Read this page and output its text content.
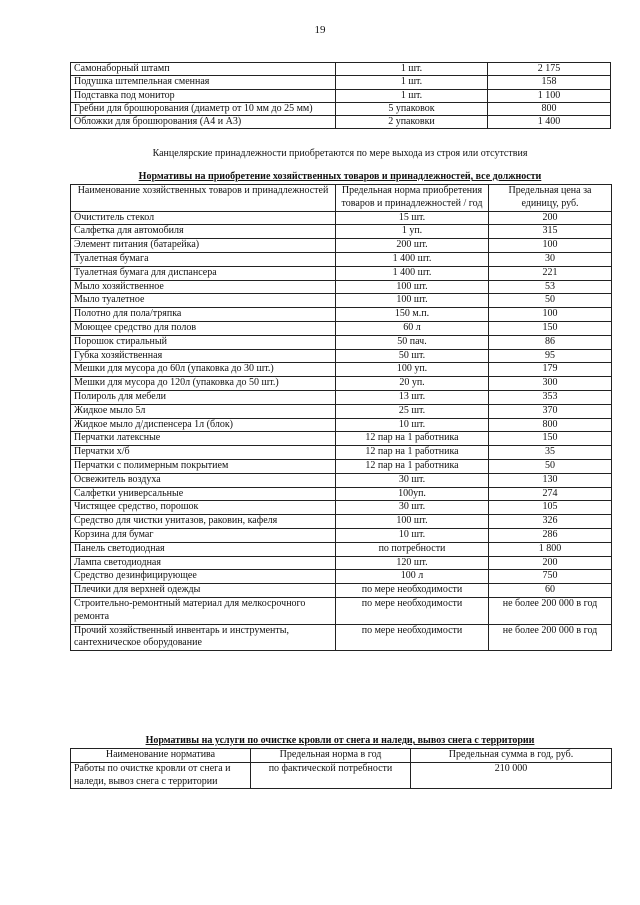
19
Самонаборный штамп	1 шт.	2 175
Подушка штемпельная сменная	1 шт.	158
Подставка под монитор	1 шт.	1 100
Гребни для брошюрования (диаметр от 10 мм до 25 мм)	5 упаковок	800
Обложки для брошюрования (А4 и А3)	2 упаковки	1 400
Канцелярские принадлежности приобретаются по мере выхода из строя или отсутствия
Нормативы на приобретение хозяйственных товаров и принадлежностей, все должности
Наименование хозяйственных товаров и принадлежностей	Предельная норма приобретения товаров и принадлежностей / год	Предельная цена за единицу, руб.
Очиститель стекол	15 шт.	200
Салфетка для автомобиля	1 уп.	315
Элемент питания (батарейка)	200 шт.	100
Туалетная бумага	1 400 шт.	30
Туалетная бумага для диспансера	1 400 шт.	221
Мыло хозяйственное	100 шт.	53
Мыло туалетное	100 шт.	50
Полотно для пола/тряпка	150 м.п.	100
Моющее средство для полов	60 л	150
Порошок стиральный	50 пач.	86
Губка хозяйственная	50 шт.	95
Мешки для мусора до 60л (упаковка до 30 шт.)	100 уп.	179
Мешки для мусора до 120л (упаковка до 50 шт.)	20 уп.	300
Полироль для мебели	13 шт.	353
Жидкое мыло 5л	25 шт.	370
Жидкое мыло д/диспенсера 1л (блок)	10 шт.	800
Перчатки латексные	12 пар на 1 работника	150
Перчатки х/б	12 пар на 1 работника	35
Перчатки с полимерным покрытием	12 пар на 1 работника	50
Освежитель воздуха	30 шт.	130
Салфетки универсальные	100уп.	274
Чистящее средство, порошок	30 шт.	105
Средство для чистки унитазов, раковин, кафеля	100 шт.	326
Корзина для бумаг	10 шт.	286
Панель светодиодная	по потребности	1 800
Лампа светодиодная	120 шт.	200
Средство дезинфицирующее	100 л	750
Плечики для верхней одежды	по мере необходимости	60
Строительно-ремонтный материал для мелкосрочного ремонта	по мере необходимости	не более 200 000 в год
Прочий хозяйственный инвентарь и инструменты, сантехническое оборудование	по мере необходимости	не более 200 000 в год
Нормативы на услуги по очистке кровли от снега и наледи, вывоз снега с территории
Наименование норматива	Предельная норма в год	Предельная сумма в год, руб.
Работы по очистке кровли от снега и наледи, вывоз снега с территории	по фактической потребности	210 000
